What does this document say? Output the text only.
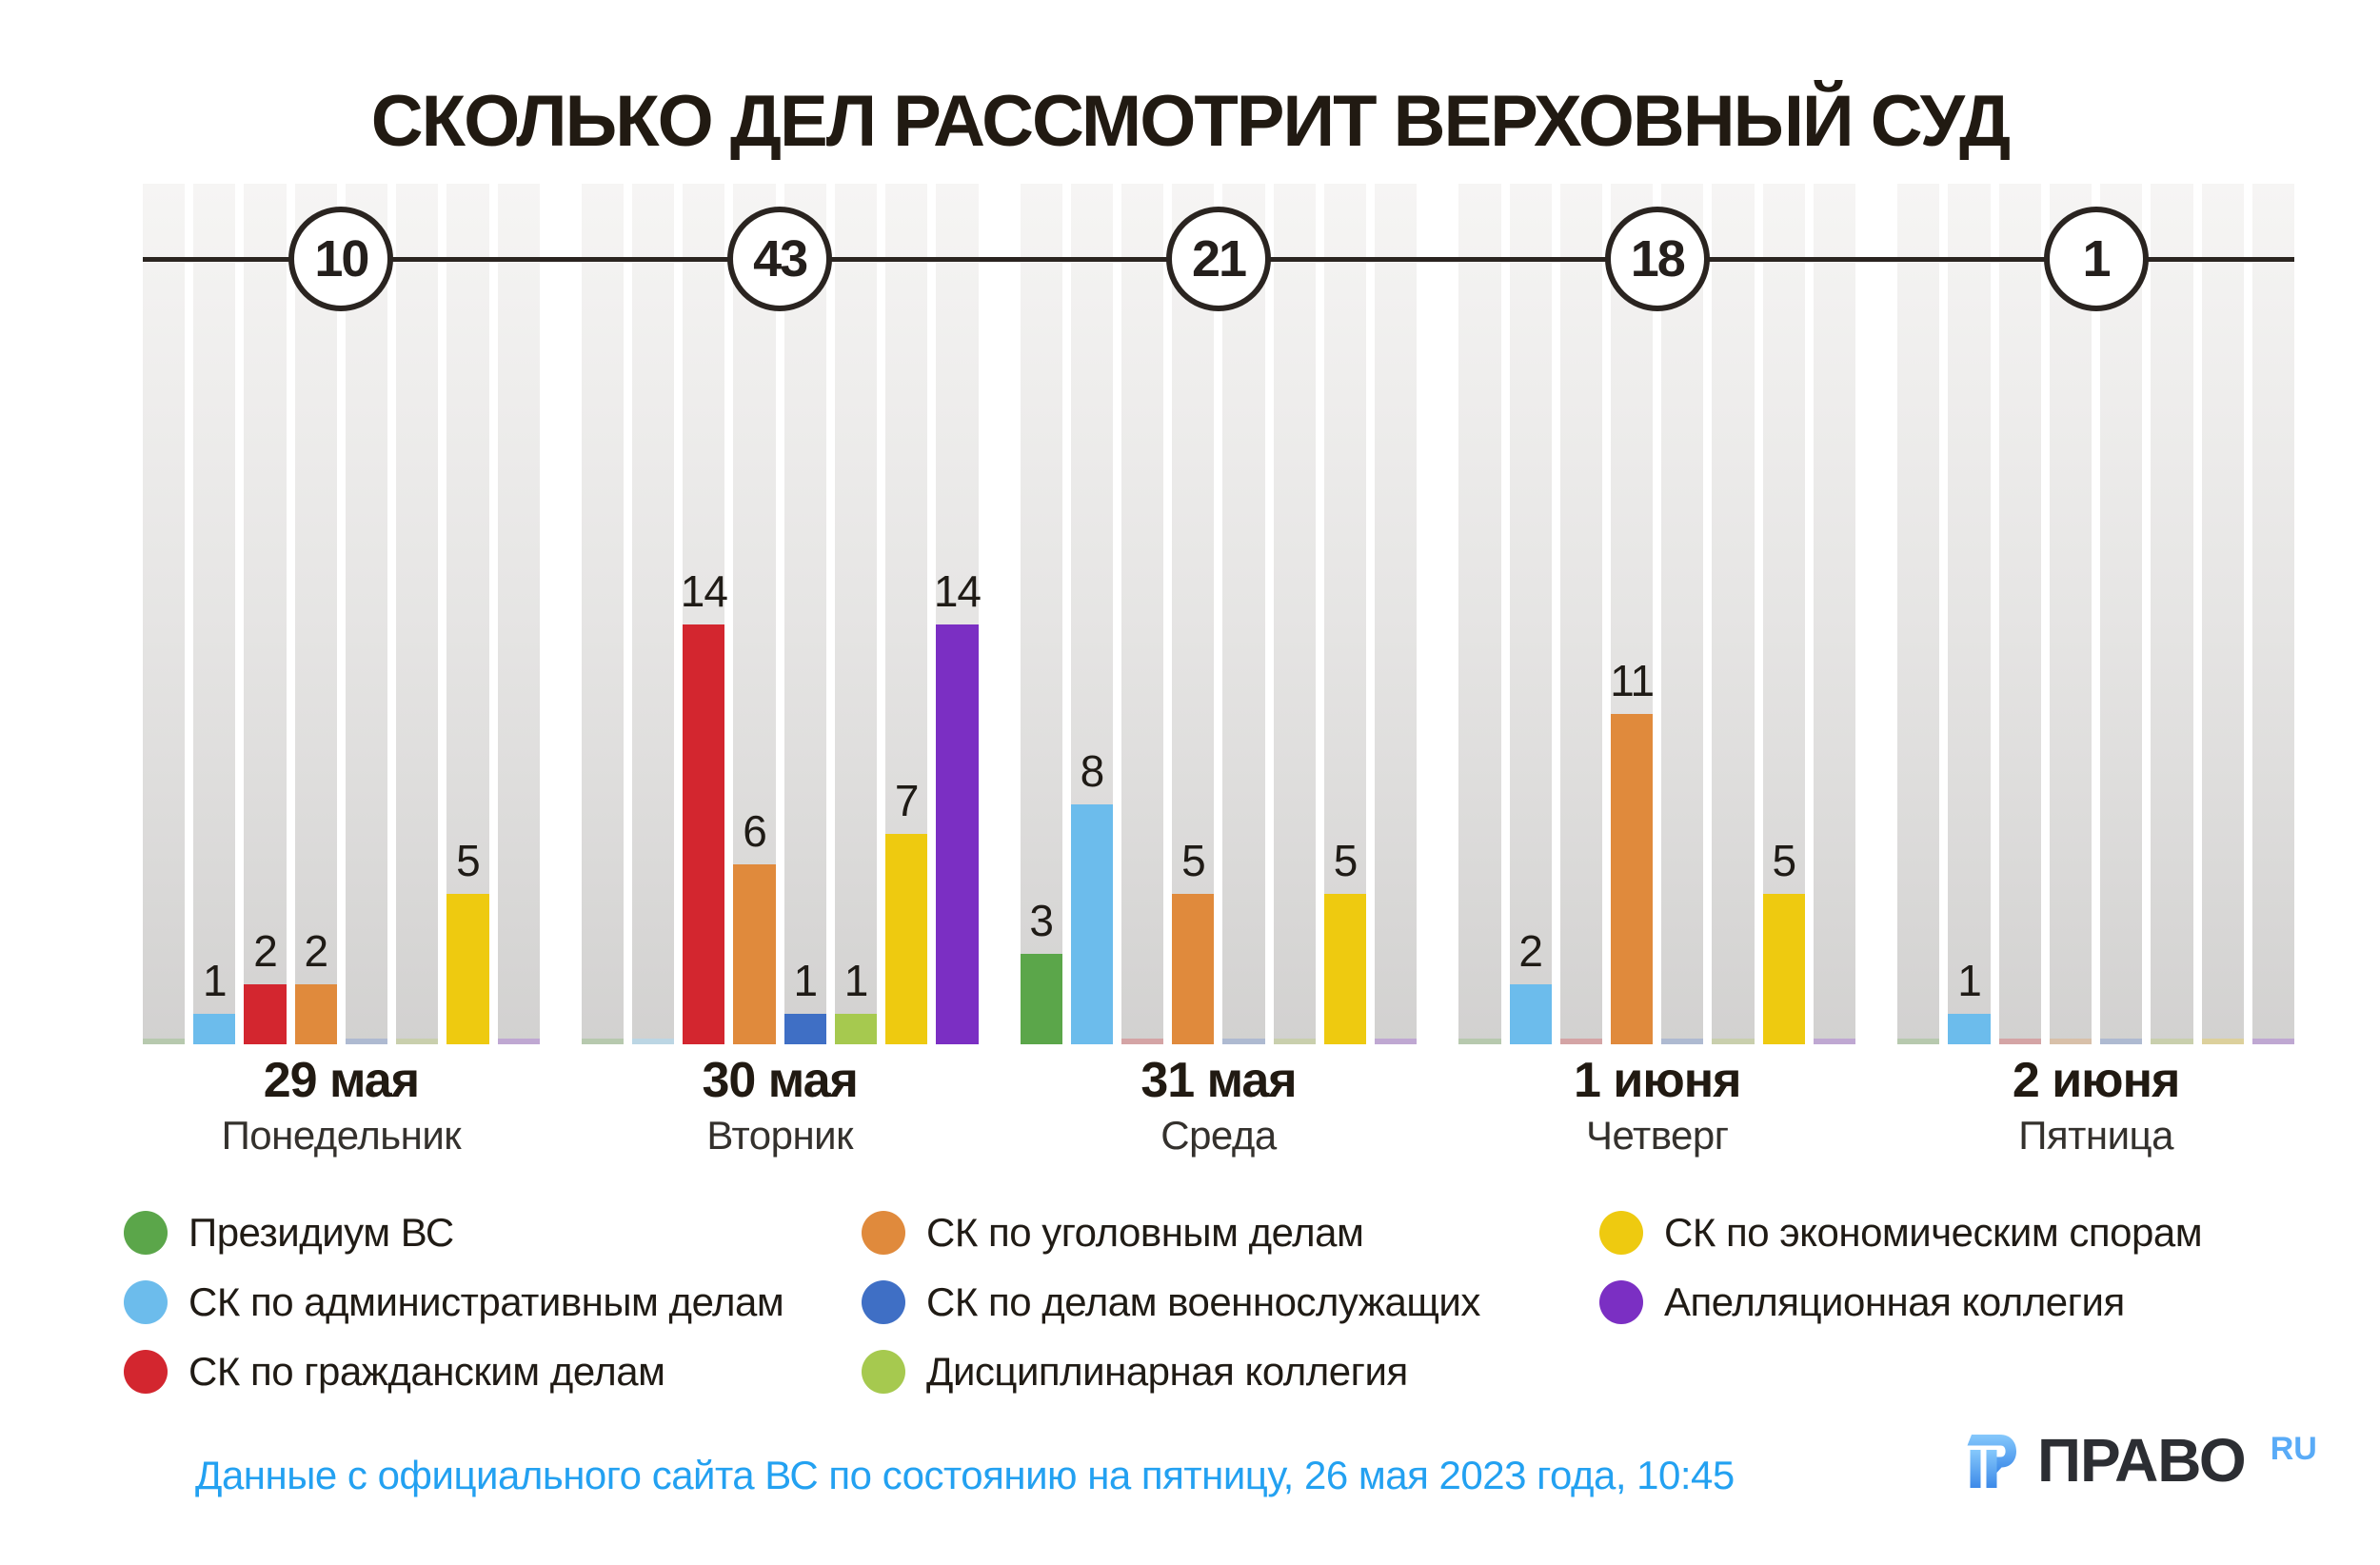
СКОЛЬКО ДЕЛ РАССМОТРИТ ВЕРХОВНЫЙ СУД
10
1
2 2
5
29 мая
Понедельник
43
14
6
1 1
7
14
30 мая
Вторник
21
3
8
5	5
31 мая
Среда
18
2
11
5
1 июня
Четверг
1
1
2 июня
Пятница
Президиум ВС
СК по административным делам
СК по гражданским делам
СК по уголовным делам
СК по делам военнослужащих
Дисциплинарная коллегия
СК по экономическим спорам
Апелляционная коллегия
Данные с официального сайта ВС по состоянию на пятницу, 26 мая 2023 года, 10:45	ПРАВО RU
